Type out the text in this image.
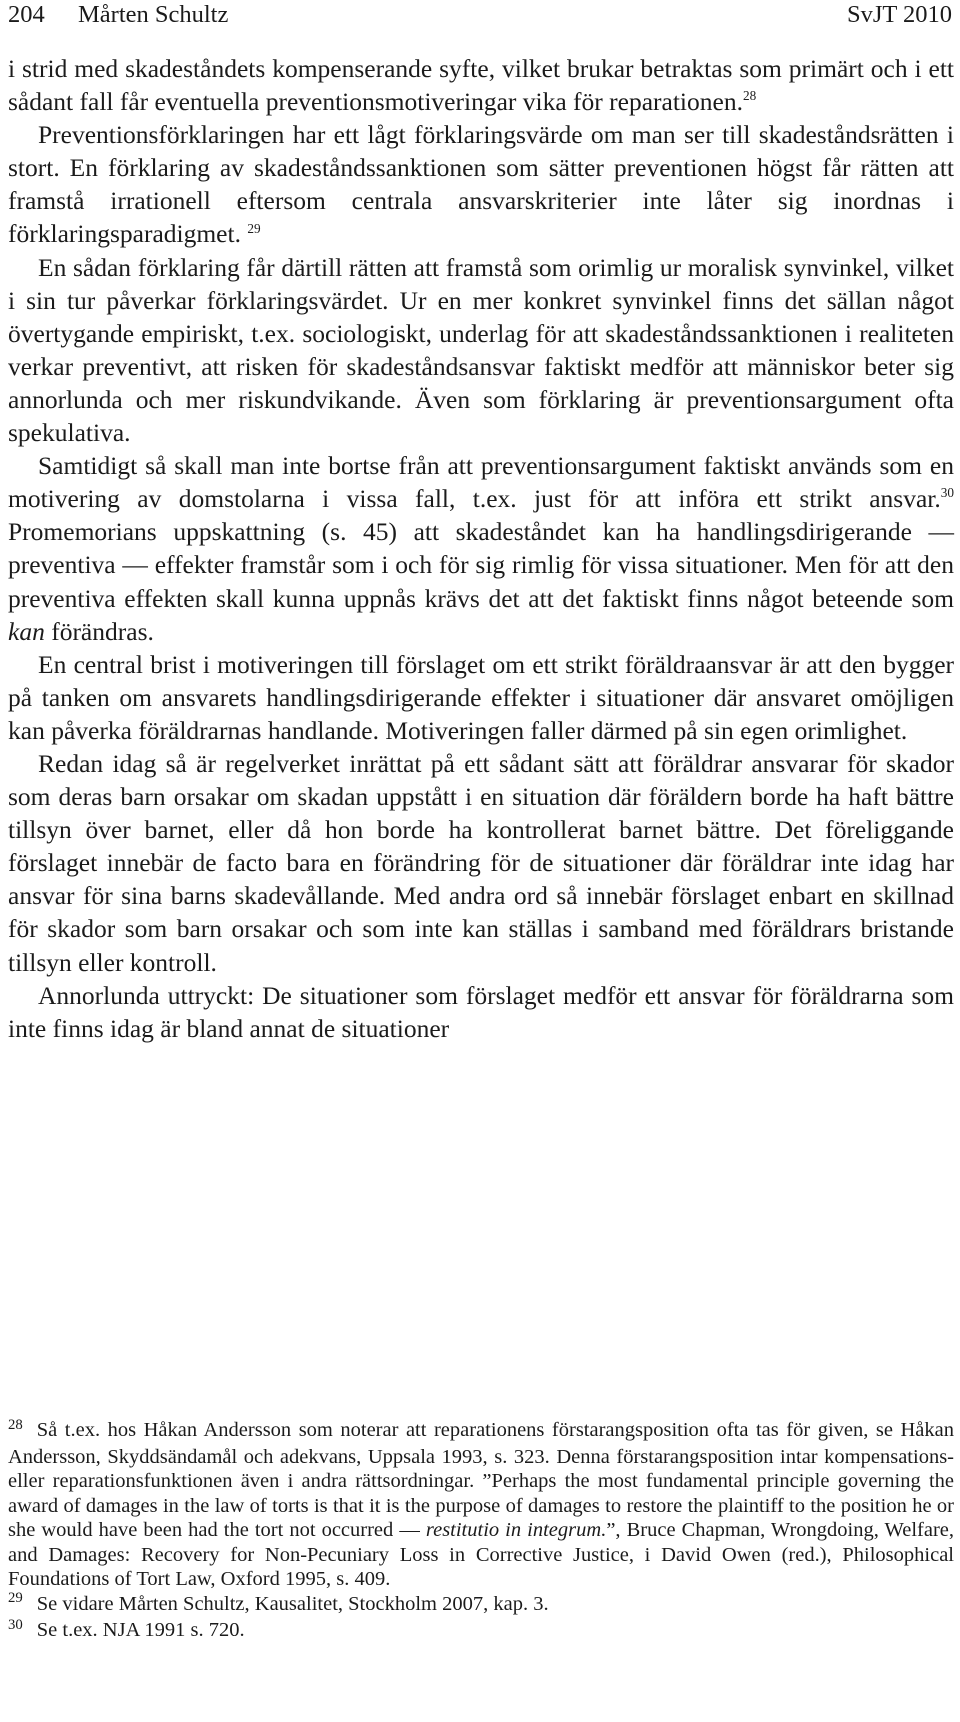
204 Mårten Schultz	SvJT 2010

i strid med skadeståndets kompenserande syfte, vilket brukar betraktas som primärt och i ett sådant fall får eventuella preventionsmotiveringar vika för reparationen.$^{28}$

Preventionsförklaringen har ett lågt förklaringsvärde om man ser till skadeståndsrätten i stort. En förklaring av skadeståndssanktionen som sätter preventionen högst får rätten att framstå irrationell eftersom centrala ansvarskriterier inte låter sig inordnas i förklaringsparadigmet. $^{29}$

En sådan förklaring får därtill rätten att framstå som orimlig ur moralisk synvinkel, vilket i sin tur påverkar förklaringsvärdet. Ur en mer konkret synvinkel finns det sällan något övertygande empiriskt, t.ex. sociologiskt, underlag för att skadeståndssanktionen i realiteten verkar preventivt, att risken för skadeståndsansvar faktiskt medför att människor beter sig annorlunda och mer riskundvikande. Även som förklaring är preventionsargument ofta spekulativa.

Samtidigt så skall man inte bortse från att preventionsargument faktiskt används som en motivering av domstolarna i vissa fall, t.ex. just för att införa ett strikt ansvar.$^{30}$ Promemorians uppskattning (s. 45) att skadeståndet kan ha handlingsdirigerande — preventiva — effekter framstår som i och för sig rimlig för vissa situationer. Men för att den preventiva effekten skall kunna uppnås krävs det att det faktiskt finns något beteende som kan förändras.

En central brist i motiveringen till förslaget om ett strikt föräldraansvar är att den bygger på tanken om ansvarets handlingsdirigerande effekter i situationer där ansvaret omöjligen kan påverka föräldrarnas handlande. Motiveringen faller därmed på sin egen orimlighet.

Redan idag så är regelverket inrättat på ett sådant sätt att föräldrar ansvarar för skador som deras barn orsakar om skadan uppstått i en situation där föräldern borde ha haft bättre tillsyn över barnet, eller då hon borde ha kontrollerat barnet bättre. Det föreliggande förslaget innebär de facto bara en förändring för de situationer där föräldrar inte idag har ansvar för sina barns skadevållande. Med andra ord så innebär förslaget enbart en skillnad för skador som barn orsakar och som inte kan ställas i samband med föräldrars bristande tillsyn eller kontroll.

Annorlunda uttryckt: De situationer som förslaget medför ett ansvar för föräldrarna som inte finns idag är bland annat de situationer

$^{28}$ Så t.ex. hos Håkan Andersson som noterar att reparationens förstarangsposition ofta tas för given, se Håkan Andersson, Skyddsändamål och adekvans, Uppsala 1993, s. 323. Denna förstarangsposition intar kompensations- eller reparationsfunktionen även i andra rättsordningar. ”Perhaps the most fundamental principle governing the award of damages in the law of torts is that it is the purpose of damages to restore the plaintiff to the position he or she would have been had the tort not occurred — restitutio in integrum.”, Bruce Chapman, Wrongdoing, Welfare, and Damages: Recovery for Non-Pecuniary Loss in Corrective Justice, i David Owen (red.), Philosophical Foundations of Tort Law, Oxford 1995, s. 409.

$^{29}$ Se vidare Mårten Schultz, Kausalitet, Stockholm 2007, kap. 3.

$^{30}$ Se t.ex. NJA 1991 s. 720.
